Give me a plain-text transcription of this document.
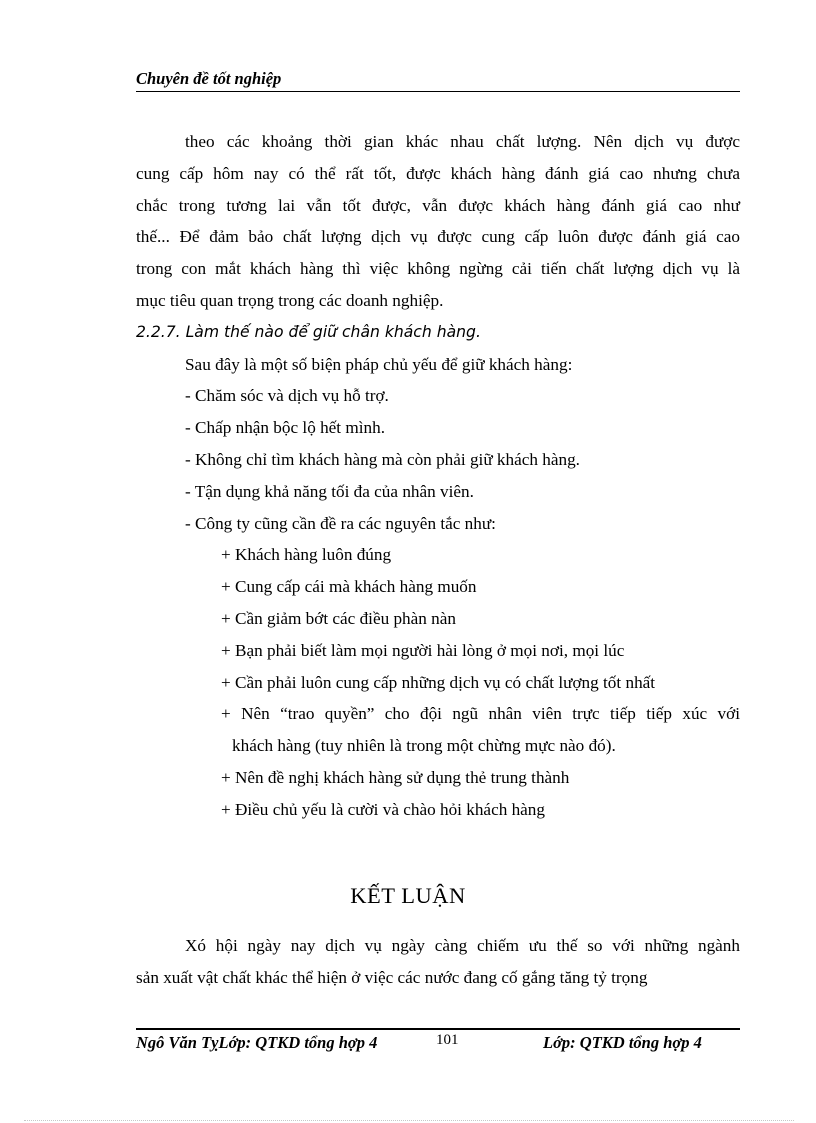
Chuyên đề tốt nghiệp
theo các khoảng thời gian khác nhau chất lượng. Nên dịch vụ được
cung cấp hôm nay có thể rất tốt, được khách hàng đánh giá cao nhưng chưa
chắc trong tương lai vẫn tốt được, vẫn được khách hàng đánh giá cao như
thế... Để đảm bảo chất lượng dịch vụ được cung cấp luôn được đánh giá cao
trong con mắt khách hàng thì việc không ngừng cải tiến chất lượng dịch vụ là
mục tiêu quan trọng trong các doanh nghiệp.
2.2.7. Làm thế nào để giữ chân khách hàng.
Sau đây là một số biện pháp chủ yếu để giữ khách hàng:
- Chăm sóc và dịch vụ hỗ trợ.
- Chấp nhận bộc lộ hết mình.
- Không chỉ tìm khách hàng mà còn phải giữ khách hàng.
- Tận dụng khả năng tối đa của nhân viên.
- Công ty cũng cần đề ra các nguyên tắc như:
+ Khách hàng luôn đúng
+ Cung cấp cái mà khách hàng muốn
+ Cần giảm bớt các điều phàn nàn
+ Bạn phải biết làm mọi người hài lòng ở mọi nơi, mọi lúc
+ Cần phải luôn cung cấp những dịch vụ có chất lượng tốt nhất
+ Nên “trao quyền” cho đội ngũ nhân viên trực tiếp tiếp xúc với
khách hàng (tuy nhiên là trong một chừng mực nào đó).
+ Nên đề nghị khách hàng sử dụng thẻ trung thành
+ Điều chủ yếu là cười và chào hỏi khách hàng
KẾT LUẬN
Xó hội ngày nay dịch vụ ngày càng chiếm ưu thế so với những ngành
sản xuất vật chất khác thể hiện ở việc các nước đang cố gắng tăng tỷ trọng
Ngô Văn TỵLớp: QTKD tổng hợp 4	101	Lớp: QTKD tổng hợp 4
